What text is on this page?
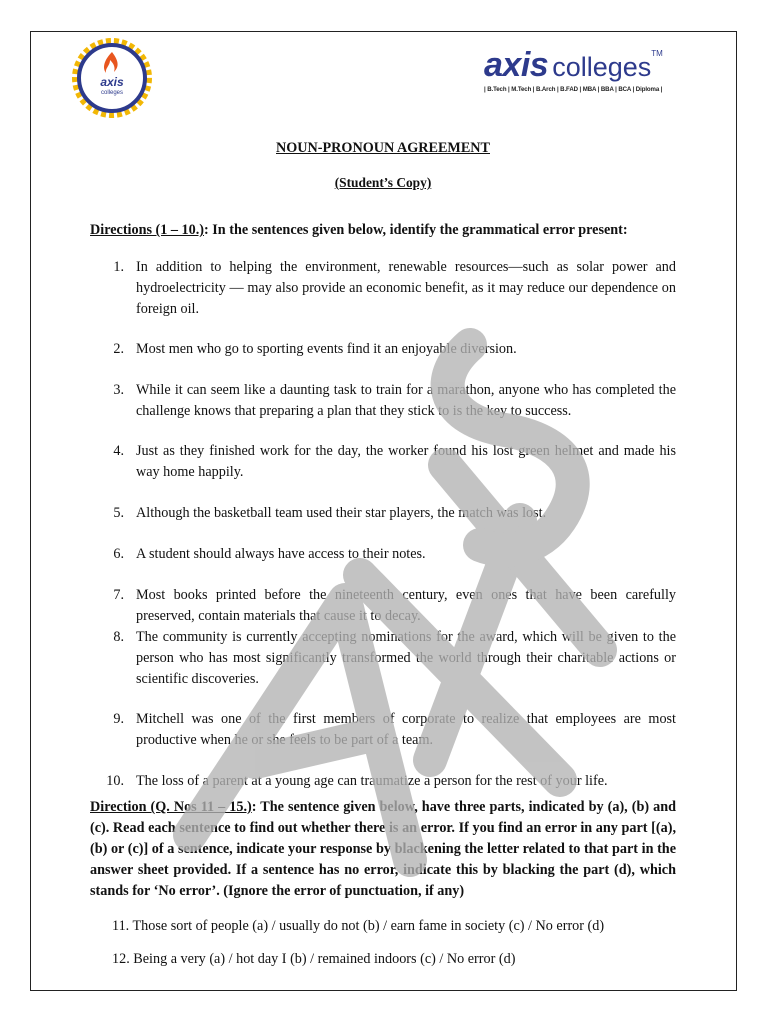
axis
colleges
axis colleges™
| B.Tech | M.Tech | B.Arch | B.FAD | MBA | BBA | BCA | Diploma |

NOUN-PRONOUN AGREEMENT

(Student’s Copy)

Directions (1 – 10.): In the sentences given below, identify the grammatical error present:

1. In addition to helping the environment, renewable resources—such as solar power and hydroelectricity — may also provide an economic benefit, as it may reduce our dependence on foreign oil.
2. Most men who go to sporting events find it an enjoyable diversion.
3. While it can seem like a daunting task to train for a marathon, anyone who has completed the challenge knows that preparing a plan that they stick to is the key to success.
4. Just as they finished work for the day, the worker found his lost green helmet and made his way home happily.
5. Although the basketball team used their star players, the match was lost.
6. A student should always have access to their notes.
7. Most books printed before the nineteenth century, even ones that have been carefully preserved, contain materials that cause it to decay.
8. The community is currently accepting nominations for the award, which will be given to the person who has most significantly transformed the world through their charitable actions or scientific discoveries.
9. Mitchell was one of the first members of corporate to realize that employees are most productive when he or she feels to be part of a team.
10. The loss of a parent at a young age can traumatize a person for the rest of your life.

Direction (Q. Nos 11 – 15.): The sentence given below, have three parts, indicated by (a), (b) and (c). Read each sentence to find out whether there is an error. If you find an error in any part [(a), (b) or (c)] of a sentence, indicate your response by blackening the letter related to that part in the answer sheet provided. If a sentence has no error, indicate this by blacking the part (d), which stands for ‘No error’. (Ignore the error of punctuation, if any)

11. Those sort of people (a) / usually do not (b) / earn fame in society (c) / No error (d)
12. Being a very (a) / hot day I (b) / remained indoors (c) / No error (d)
